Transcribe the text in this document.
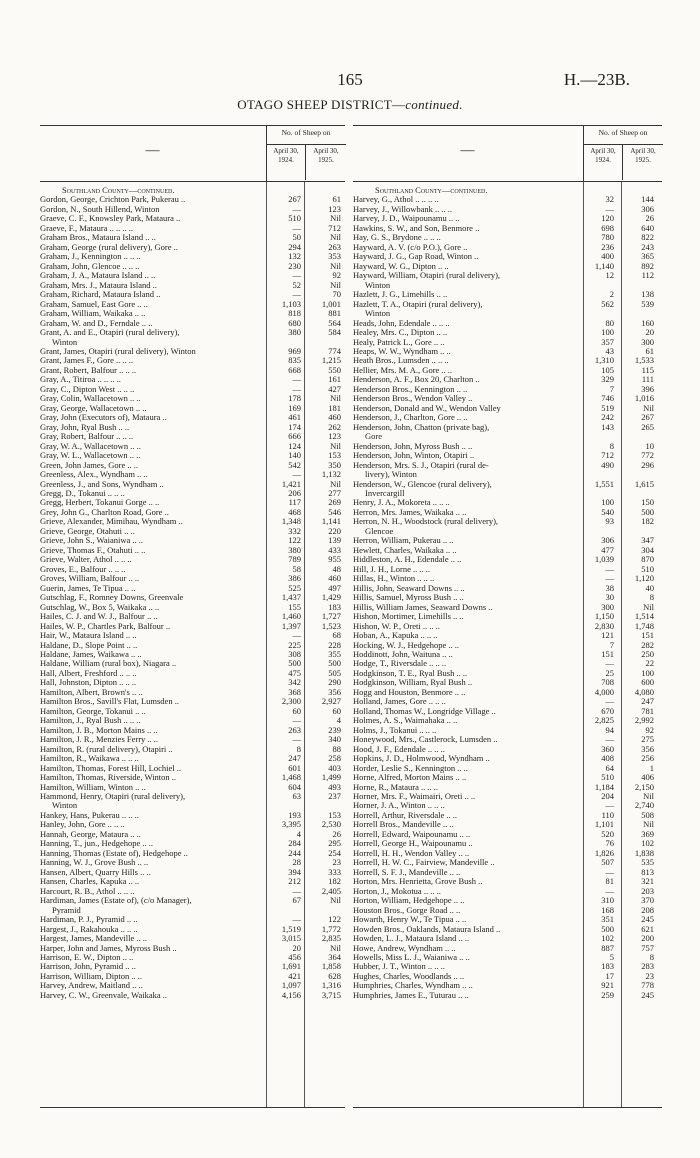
165	H.—23B.
OTAGO SHEEP DISTRICT—continued.
—
No. of Sheep on
April 30, 1924.
April 30, 1925.
Southland County—continued.
Gordon, George, Crichton Park, Pukerau ..	267	61
Gordon, N., South Hillend, Winton	—	123
Graeve, C. F., Knowsley Park, Mataura ..	510	Nil
Graeve, F., Mataura .. .. .. ..	—	712
Graham Bros., Mataura Island .. ..	50	Nil
Graham, George (rural delivery), Gore ..	294	263
Graham, J., Kennington .. .. ..	132	353
Graham, John, Glencoe .. .. ..	230	Nil
Graham, J. A., Mataura Island .. ..	—	92
Graham, Mrs. J., Mataura Island ..	52	Nil
Graham, Richard, Mataura Island ..	—	70
Graham, Samuel, East Gore .. ..	1,103	1,001
Graham, William, Waikaka .. ..	818	881
Graham, W. and D., Ferndale .. ..	680	564
Grant, A. and E., Otapiri (rural delivery),	380	584
Winton
Grant, James, Otapiri (rural delivery), Winton	969	774
Grant, James F., Gore .. .. ..	835	1,215
Grant, Robert, Balfour .. .. ..	668	550
Gray, A., Titiroa .. .. .. ..	—	161
Gray, C., Dipton West .. .. ..	—	427
Gray, Colin, Wallacetown .. ..	178	Nil
Gray, George, Wallacetown .. ..	169	181
Gray, John (Executors of), Mataura ..	461	460
Gray, John, Ryal Bush .. ..	174	262
Gray, Robert, Balfour .. .. ..	666	123
Gray, W. A., Wallacetown .. ..	124	Nil
Gray, W. L., Wallacetown .. ..	140	153
Green, John James, Gore .. ..	542	350
Greenless, Alex., Wyndham .. ..	—	1,132
Greenless, J., and Sons, Wyndham ..	1,421	Nil
Gregg, D., Tokanui .. .. ..	206	277
Gregg, Herbert, Tokanui Gorge .. ..	117	269
Grey, John G., Charlton Road, Gore ..	468	546
Grieve, Alexander, Mimihau, Wyndham ..	1,348	1,141
Grieve, George, Otahuti .. ..	332	220
Grieve, John S., Waianiwa .. ..	122	139
Grieve, Thomas F., Otahuti .. ..	380	433
Grieve, Walter, Athol .. .. ..	789	955
Groves, E., Balfour .. .. ..	58	48
Groves, William, Balfour .. ..	386	460
Guerin, James, Te Tipua .. ..	525	497
Gutschlag, F., Romney Downs, Greenvale	1,437	1,429
Gutschlag, W., Box 5, Waikaka .. ..	155	183
Hailes, C. J. and W. J., Balfour .. ..	1,460	1,727
Hailes, W. P., Chartles Park, Balfour ..	1,397	1,523
Hair, W., Mataura Island .. ..	—	68
Haldane, D., Slope Point .. ..	225	228
Haldane, James, Waikawa .. ..	308	355
Haldane, William (rural box), Niagara ..	500	500
Hall, Albert, Freshford .. .. ..	475	505
Hall, Johnston, Dipton .. .. ..	342	290
Hamilton, Albert, Brown's .. ..	368	356
Hamilton Bros., Savill's Flat, Lumsden ..	2,300	2,927
Hamilton, George, Tokanui .. ..	60	60
Hamilton, J., Ryal Bush .. .. ..	—	4
Hamilton, J. B., Morton Mains .. ..	263	239
Hamilton, J. R., Menzies Ferry .. ..	—	340
Hamilton, R. (rural delivery), Otapiri ..	8	88
Hamilton, R., Waikawa .. .. ..	247	258
Hamilton, Thomas, Forest Hill, Lochiel ..	601	403
Hamilton, Thomas, Riverside, Winton ..	1,468	1,499
Hamilton, William, Winton .. ..	604	493
Hammond, Henry, Otapiri (rural delivery),	63	237
Winton
Hankey, Hans, Pukerau .. .. ..	193	153
Hanley, John, Gore .. .. ..	3,395	2,530
Hannah, George, Mataura .. ..	4	26
Hanning, T., jun., Hedgehope .. ..	284	295
Hanning, Thomas (Estate of), Hedgehope ..	244	254
Hanning, W. J., Grove Bush .. ..	28	23
Hansen, Albert, Quarry Hills .. ..	394	333
Hansen, Charles, Kapuka .. ..	212	182
Harcourt, R. B., Athol .. .. ..	—	2,405
Hardiman, James (Estate of), (c/o Manager),	67	Nil
Pyramid
Hardiman, P. J., Pyramid .. ..	—	122
Hargest, J., Rakahouka .. .. ..	1,519	1,772
Hargest, James, Mandeville .. ..	3,015	2,835
Harper, John and James, Myross Bush ..	20	Nil
Harrison, E. W., Dipton .. ..	456	364
Harrison, John, Pyramid .. ..	1,691	1,858
Harrison, William, Dipton .. ..	421	628
Harvey, Andrew, Maitland .. ..	1,097	1,316
Harvey, C. W., Greenvale, Waikaka ..	4,156	3,715
—
No. of Sheep on
April 30, 1924.
April 30, 1925.
Southland County—continued.
Harvey, G., Athol .. .. .. ..	32	144
Harvey, J., Willowbank .. .. ..	—	306
Harvey, J. D., Waipounamu .. ..	120	26
Hawkins, S. W., and Son, Benmore ..	698	640
Hay, G. S., Brydone .. .. ..	780	822
Hayward, A. V. (c/o P.O.), Gore ..	236	243
Hayward, J. G., Gap Road, Winton ..	400	365
Hayward, W. G., Dipton .. ..	1,140	892
Hayward, William, Otapiri (rural delivery),	12	112
Winton
Hazlett, J. G., Limehills .. ..	2	138
Hazlett, T. A., Otapiri (rural delivery),	562	539
Winton
Heads, John, Edendale .. .. ..	80	160
Healey, Mrs. C., Dipton .. ..	100	20
Healy, Patrick L., Gore .. ..	357	300
Heaps, W. W., Wyndham .. ..	43	61
Heath Bros., Lumsden .. .. ..	1,310	1,533
Hellier, Mrs. M. A., Gore .. ..	105	115
Henderson, A. F., Box 20, Charlton ..	329	111
Henderson Bros., Kennington .. ..	7	396
Henderson Bros., Wendon Valley ..	746	1,016
Henderson, Donald and W., Wendon Valley	519	Nil
Henderson, J., Charlton, Gore .. ..	242	267
Henderson, John, Chatton (private bag),	143	265
Gore
Henderson, John, Myross Bush .. ..	8	10
Henderson, John, Winton, Otapiri ..	712	772
Henderson, Mrs. S. J., Otapiri (rural de-	490	296
livery), Winton
Henderson, W., Glencoe (rural delivery),	1,551	1,615
Invercargill
Henry, J. A., Mokoreta .. .. ..	100	150
Herron, Mrs. James, Waikaka .. ..	540	500
Herron, N. H., Woodstock (rural delivery),	93	182
Glencoe
Herron, William, Pukerau .. ..	306	347
Hewlett, Charles, Waikaka .. ..	477	304
Hiddleston, A. H., Edendale .. ..	1,039	870
Hill, J. H., Lorne .. .. ..	—	510
Hillas, H., Winton .. .. ..	—	1,120
Hillis, John, Seaward Downs .. ..	38	40
Hillis, Samuel, Myross Bush .. ..	30	8
Hillis, William James, Seaward Downs ..	300	Nil
Hishon, Mortimer, Limehills .. ..	1,150	1,514
Hishon, W. P., Oreti .. .. ..	2,830	1,748
Hoban, A., Kapuka .. .. ..	121	151
Hocking, W. J., Hedgehope .. ..	7	282
Hoddinott, John, Waituna .. ..	151	250
Hodge, T., Riversdale .. .. ..	—	22
Hodgkinson, T. E., Ryal Bush .. ..	25	100
Hodgkinson, William, Ryal Bush ..	708	600
Hogg and Houston, Benmore .. ..	4,000	4,080
Holland, James, Gore .. .. ..	—	247
Holland, Thomas W., Longridge Village ..	670	781
Holmes, A. S., Waimahaka .. ..	2,825	2,992
Holms, J., Tokanui .. .. ..	94	92
Honeywood, Mrs., Castlerock, Lumsden ..	—	275
Hood, J. F., Edendale .. .. ..	360	356
Hopkins, J. D., Holmwood, Wyndham ..	408	256
Horder, Leslie S., Kennington .. ..	64	1
Horne, Alfred, Morton Mains .. ..	510	406
Horne, R., Mataura .. .. ..	1,184	2,150
Horner, Mrs. F., Waimairi, Oreti .. ..	204	Nil
Horner, J. A., Winton .. .. ..	—	2,740
Horrell, Arthur, Riversdale .. ..	110	508
Horrell Bros., Mandeville .. ..	1,101	Nil
Horrell, Edward, Waipounamu .. ..	520	369
Horrell, George H., Waipounamu ..	76	102
Horrell, H. H., Wendon Valley .. ..	1,826	1,838
Horrell, H. W. C., Fairview, Mandeville ..	507	535
Horrell, S. F. J., Mandeville .. ..	—	813
Horton, Mrs. Henrietta, Grove Bush ..	81	321
Horton, J., Mokotua .. .. ..	—	203
Horton, William, Hedgehope .. ..	310	370
Houston Bros., Gorge Road .. ..	168	208
Howarth, Henry W., Te Tipua .. ..	351	245
Howden Bros., Oaklands, Mataura Island ..	500	621
Howden, L. J., Mataura Island .. ..	102	200
Howe, Andrew, Wyndham .. ..	887	757
Howells, Miss L. J., Waianiwa .. ..	5	8
Hubber, J. T., Winton .. .. ..	183	283
Hughes, Charles, Woodlands .. ..	17	23
Humphries, Charles, Wyndham .. ..	921	778
Humphries, James E., Tuturau .. ..	259	245
